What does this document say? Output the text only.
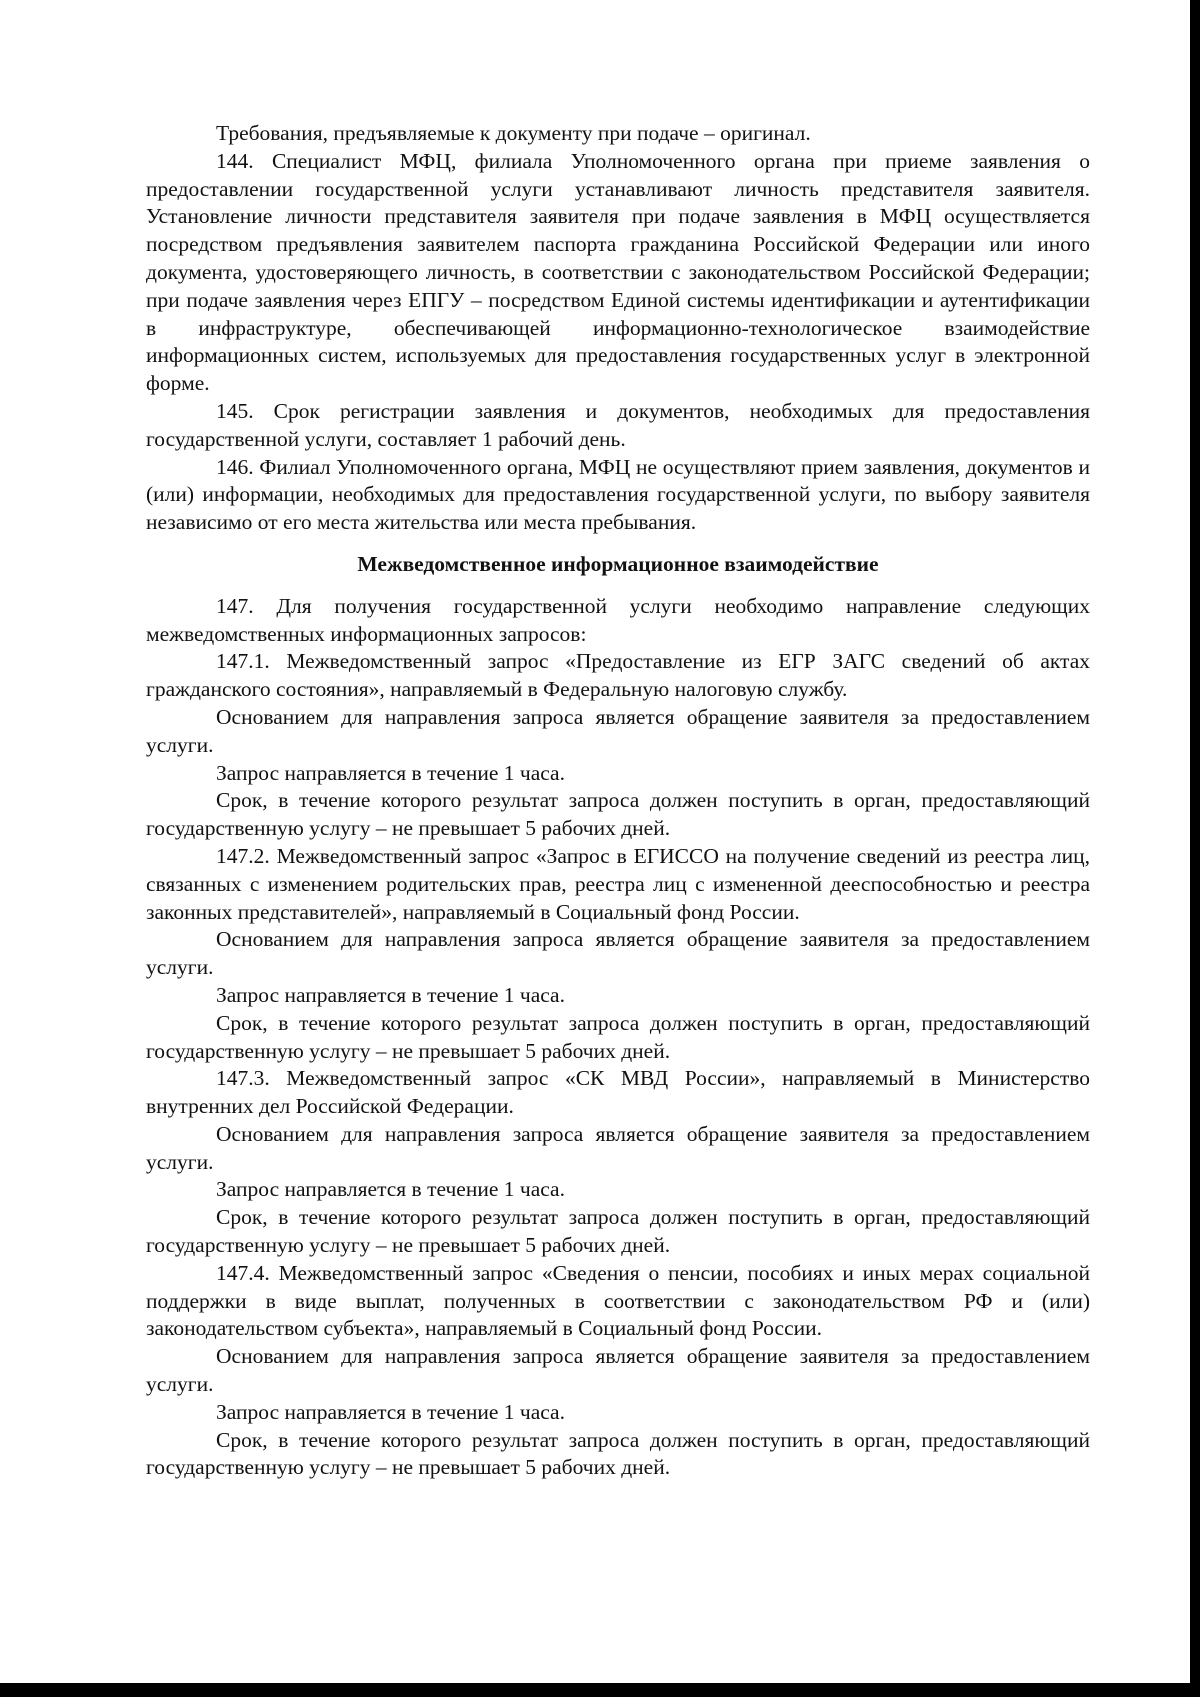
Требования, предъявляемые к документу при подаче – оригинал.

144. Специалист МФЦ, филиала Уполномоченного органа при приеме заявления о предоставлении государственной услуги устанавливают личность представителя заявителя. Установление личности представителя заявителя при подаче заявления в МФЦ осуществляется посредством предъявления заявителем паспорта гражданина Российской Федерации или иного документа, удостоверяющего личность, в соответствии с законодательством Российской Федерации; при подаче заявления через ЕПГУ – посредством Единой системы идентификации и аутентификации в инфраструктуре, обеспечивающей информационно-технологическое взаимодействие информационных систем, используемых для предоставления государственных услуг в электронной форме.

145. Срок регистрации заявления и документов, необходимых для предоставления государственной услуги, составляет 1 рабочий день.

146. Филиал Уполномоченного органа, МФЦ не осуществляют прием заявления, документов и (или) информации, необходимых для предоставления государственной услуги, по выбору заявителя независимо от его места жительства или места пребывания.

Межведомственное информационное взаимодействие

147. Для получения государственной услуги необходимо направление следующих межведомственных информационных запросов:

147.1. Межведомственный запрос «Предоставление из ЕГР ЗАГС сведений об актах гражданского состояния», направляемый в Федеральную налоговую службу.

Основанием для направления запроса является обращение заявителя за предоставлением услуги.

Запрос направляется в течение 1 часа.

Срок, в течение которого результат запроса должен поступить в орган, предоставляющий государственную услугу – не превышает 5 рабочих дней.

147.2. Межведомственный запрос «Запрос в ЕГИССО на получение сведений из реестра лиц, связанных с изменением родительских прав, реестра лиц с измененной дееспособностью и реестра законных представителей», направляемый в Социальный фонд России.

Основанием для направления запроса является обращение заявителя за предоставлением услуги.

Запрос направляется в течение 1 часа.

Срок, в течение которого результат запроса должен поступить в орган, предоставляющий государственную услугу – не превышает 5 рабочих дней.

147.3. Межведомственный запрос «СК МВД России», направляемый в Министерство внутренних дел Российской Федерации.

Основанием для направления запроса является обращение заявителя за предоставлением услуги.

Запрос направляется в течение 1 часа.

Срок, в течение которого результат запроса должен поступить в орган, предоставляющий государственную услугу – не превышает 5 рабочих дней.

147.4. Межведомственный запрос «Сведения о пенсии, пособиях и иных мерах социальной поддержки в виде выплат, полученных в соответствии с законодательством РФ и (или) законодательством субъекта», направляемый в Социальный фонд России.

Основанием для направления запроса является обращение заявителя за предоставлением услуги.

Запрос направляется в течение 1 часа.

Срок, в течение которого результат запроса должен поступить в орган, предоставляющий государственную услугу – не превышает 5 рабочих дней.
